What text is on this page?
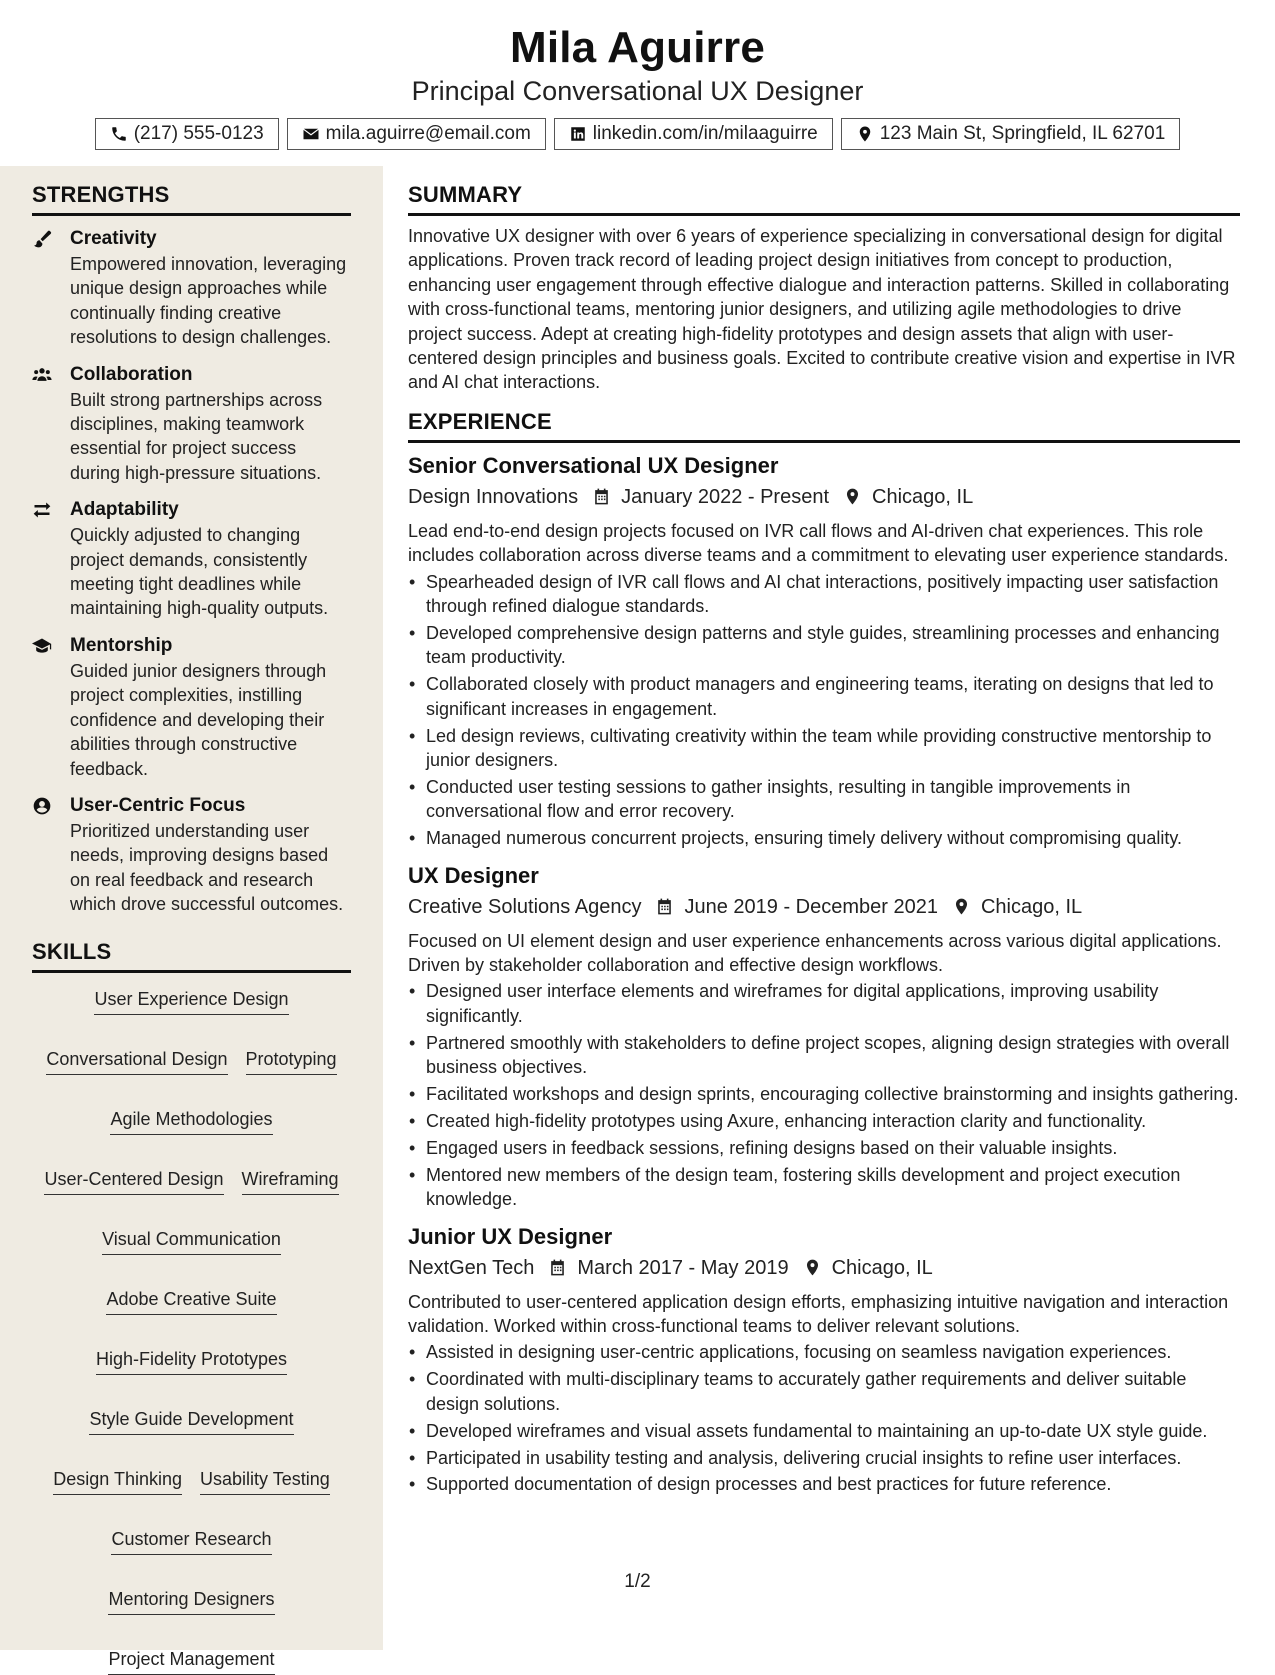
Mila Aguirre
Principal Conversational UX Designer
(217) 555-0123	mila.aguirre@email.com	linkedin.com/in/milaaguirre	123 Main St, Springfield, IL 62701
STRENGTHS
Creativity
Empowered innovation, leveraging unique design approaches while continually finding creative resolutions to design challenges.
Collaboration
Built strong partnerships across disciplines, making teamwork essential for project success during high-pressure situations.
Adaptability
Quickly adjusted to changing project demands, consistently meeting tight deadlines while maintaining high-quality outputs.
Mentorship
Guided junior designers through project complexities, instilling confidence and developing their abilities through constructive feedback.
User-Centric Focus
Prioritized understanding user needs, improving designs based on real feedback and research which drove successful outcomes.
SKILLS
User Experience Design
Conversational Design Prototyping
Agile Methodologies
User-Centered Design Wireframing
Visual Communication
Adobe Creative Suite
High-Fidelity Prototypes
Style Guide Development
Design Thinking Usability Testing
Customer Research
Mentoring Designers
Project Management
SUMMARY
Innovative UX designer with over 6 years of experience specializing in conversational design for digital applications. Proven track record of leading project design initiatives from concept to production, enhancing user engagement through effective dialogue and interaction patterns. Skilled in collaborating with cross-functional teams, mentoring junior designers, and utilizing agile methodologies to drive project success. Adept at creating high-fidelity prototypes and design assets that align with user-centered design principles and business goals. Excited to contribute creative vision and expertise in IVR and AI chat interactions.
EXPERIENCE
Senior Conversational UX Designer
Design Innovations January 2022 - Present Chicago, IL
Lead end-to-end design projects focused on IVR call flows and AI-driven chat experiences. This role includes collaboration across diverse teams and a commitment to elevating user experience standards.
• Spearheaded design of IVR call flows and AI chat interactions, positively impacting user satisfaction through refined dialogue standards.
• Developed comprehensive design patterns and style guides, streamlining processes and enhancing team productivity.
• Collaborated closely with product managers and engineering teams, iterating on designs that led to significant increases in engagement.
• Led design reviews, cultivating creativity within the team while providing constructive mentorship to junior designers.
• Conducted user testing sessions to gather insights, resulting in tangible improvements in conversational flow and error recovery.
• Managed numerous concurrent projects, ensuring timely delivery without compromising quality.
UX Designer
Creative Solutions Agency June 2019 - December 2021 Chicago, IL
Focused on UI element design and user experience enhancements across various digital applications. Driven by stakeholder collaboration and effective design workflows.
• Designed user interface elements and wireframes for digital applications, improving usability significantly.
• Partnered smoothly with stakeholders to define project scopes, aligning design strategies with overall business objectives.
• Facilitated workshops and design sprints, encouraging collective brainstorming and insights gathering.
• Created high-fidelity prototypes using Axure, enhancing interaction clarity and functionality.
• Engaged users in feedback sessions, refining designs based on their valuable insights.
• Mentored new members of the design team, fostering skills development and project execution knowledge.
Junior UX Designer
NextGen Tech March 2017 - May 2019 Chicago, IL
Contributed to user-centered application design efforts, emphasizing intuitive navigation and interaction validation. Worked within cross-functional teams to deliver relevant solutions.
• Assisted in designing user-centric applications, focusing on seamless navigation experiences.
• Coordinated with multi-disciplinary teams to accurately gather requirements and deliver suitable design solutions.
• Developed wireframes and visual assets fundamental to maintaining an up-to-date UX style guide.
• Participated in usability testing and analysis, delivering crucial insights to refine user interfaces.
• Supported documentation of design processes and best practices for future reference.
1/2
